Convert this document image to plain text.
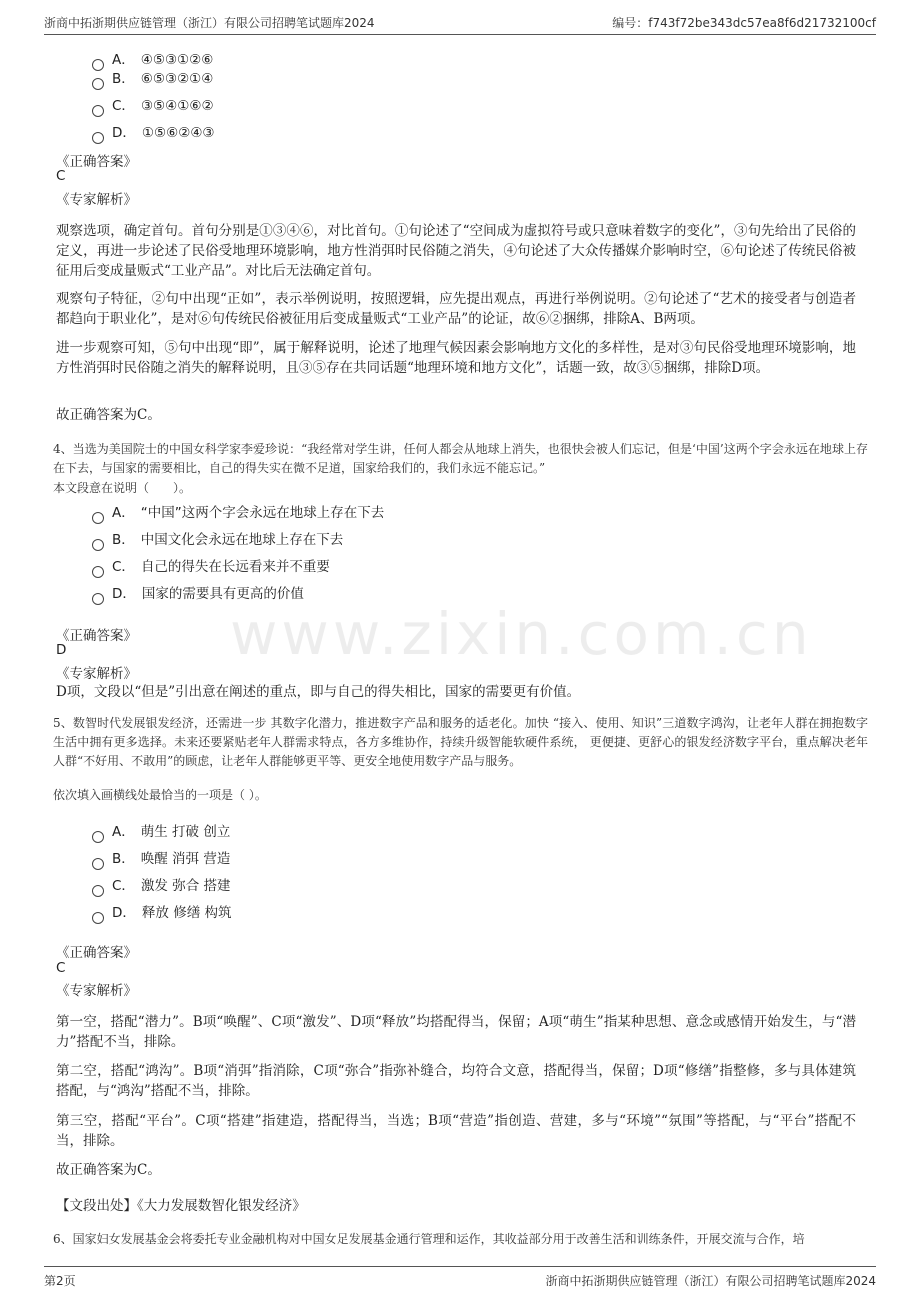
浙商中拓浙期供应链管理（浙江）有限公司招聘笔试题库2024	编号：f743f72be343dc57ea8f6d21732100cf
www.zixin.com.cn
A． ④⑤③①②⑥
B． ⑥⑤③②①④
C． ③⑤④①⑥②
D． ①⑤⑥②④③
《正确答案》
C
《专家解析》
观察选项，确定首句。首句分别是①③④⑥，对比首句。①句论述了“空间成为虚拟符号或只意味着数字的变化”，③句先给出了民俗的定义，再进一步论述了民俗受地理环境影响，地方性消弭时民俗随之消失，④句论述了大众传播媒介影响时空，⑥句论述了传统民俗被征用后变成量贩式“工业产品”。对比后无法确定首句。
观察句子特征，②句中出现“正如”，表示举例说明，按照逻辑，应先提出观点，再进行举例说明。②句论述了“艺术的接受者与创造者都趋向于职业化”，是对⑥句传统民俗被征用后变成量贩式“工业产品”的论证，故⑥②捆绑，排除A、B两项。
进一步观察可知，⑤句中出现“即”，属于解释说明，论述了地理气候因素会影响地方文化的多样性，是对③句民俗受地理环境影响，地方性消弭时民俗随之消失的解释说明，且③⑤存在共同话题“地理环境和地方文化”，话题一致，故③⑤捆绑，排除D项。
故正确答案为C。
4、当选为美国院士的中国女科学家李爱珍说：“我经常对学生讲，任何人都会从地球上消失，也很快会被人们忘记，但是‘中国’这两个字会永远在地球上存在下去，与国家的需要相比，自己的得失实在微不足道，国家给我们的，我们永远不能忘记。”
本文段意在说明（　　）。
A． “中国”这两个字会永远在地球上存在下去
B． 中国文化会永远在地球上存在下去
C． 自己的得失在长远看来并不重要
D． 国家的需要具有更高的价值
《正确答案》
D
《专家解析》
D项，文段以“但是”引出意在阐述的重点，即与自己的得失相比，国家的需要更有价值。
5、数智时代发展银发经济，还需进一步 其数字化潜力，推进数字产品和服务的适老化。加快 “接入、使用、知识”三道数字鸿沟，让老年人群在拥抱数字生活中拥有更多选择。未来还要紧贴老年人群需求特点，各方多维协作，持续升级智能软硬件系统， 更便捷、更舒心的银发经济数字平台，重点解决老年人群“不好用、不敢用”的顾虑，让老年人群能够更平等、更安全地使用数字产品与服务。
依次填入画横线处最恰当的一项是（ ）。
A． 萌生 打破 创立
B． 唤醒 消弭 营造
C． 激发 弥合 搭建
D． 释放 修缮 构筑
《正确答案》
C
《专家解析》
第一空，搭配“潜力”。B项“唤醒”、C项“激发”、D项“释放”均搭配得当，保留；A项“萌生”指某种思想、意念或感情开始发生，与“潜力”搭配不当，排除。
第二空，搭配“鸿沟”。B项“消弭”指消除，C项“弥合”指弥补缝合，均符合文意，搭配得当，保留；D项“修缮”指整修，多与具体建筑搭配，与“鸿沟”搭配不当，排除。
第三空，搭配“平台”。C项“搭建”指建造，搭配得当，当选；B项“营造”指创造、营建，多与“环境”“氛围”等搭配，与“平台”搭配不当，排除。
故正确答案为C。
【文段出处】《大力发展数智化银发经济》
6、国家妇女发展基金会将委托专业金融机构对中国女足发展基金通行管理和运作，其收益部分用于改善生活和训练条件，开展交流与合作，培
第2页	浙商中拓浙期供应链管理（浙江）有限公司招聘笔试题库2024
